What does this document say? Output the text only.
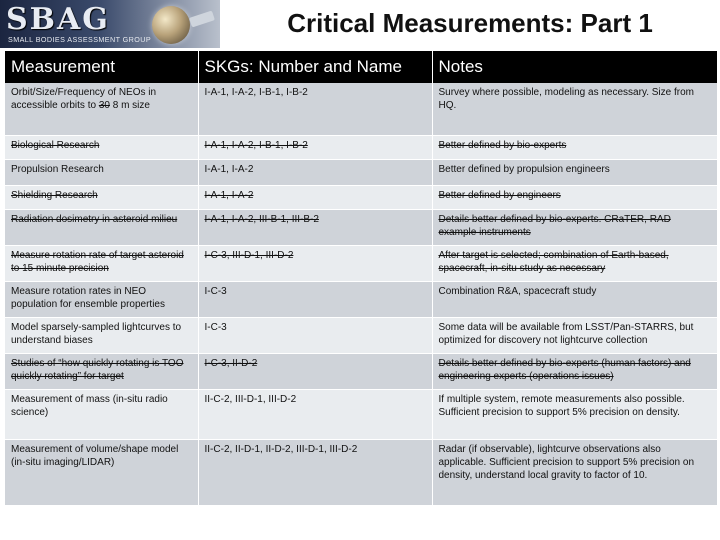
SBAG
SMALL BODIES ASSESSMENT GROUP
Critical Measurements: Part 1
Measurement	SKGs: Number and Name	Notes
Orbit/Size/Frequency of NEOs in accessible orbits to 30 8 m size	I-A-1, I-A-2, I-B-1, I-B-2	Survey where possible, modeling as necessary. Size from HQ.
Biological Research	I-A-1, I-A-2, I-B-1, I-B-2	Better defined by bio-experts
Propulsion Research	I-A-1, I-A-2	Better defined by propulsion engineers
Shielding Research	I-A-1, I-A-2	Better defined by engineers
Radiation dosimetry in asteroid milieu	I-A-1, I-A-2, III-B-1, III-B-2	Details better defined by bio-experts. CRaTER, RAD example instruments
Measure rotation rate of target asteroid to 15 minute precision	I-C-3, III-D-1, III-D-2	After target is selected; combination of Earth-based, spacecraft, in-situ study as necessary
Measure rotation rates in NEO population for ensemble properties	I-C-3	Combination R&A, spacecraft study
Model sparsely-sampled lightcurves to understand biases	I-C-3	Some data will be available from LSST/Pan-STARRS, but optimized for discovery not lightcurve collection
Studies of “how quickly rotating is TOO quickly rotating” for target	I-C-3, II-D-2	Details better defined by bio-experts (human factors) and engineering experts (operations issues)
Measurement of mass (in-situ radio science)	II-C-2, III-D-1, III-D-2	If multiple system, remote measurements also possible. Sufficient precision to support 5% precision on density.
Measurement of volume/shape model (in-situ imaging/LIDAR)	II-C-2, II-D-1, II-D-2, III-D-1, III-D-2	Radar (if observable), lightcurve observations also applicable. Sufficient precision to support 5% precision on density, understand local gravity to factor of 10.
